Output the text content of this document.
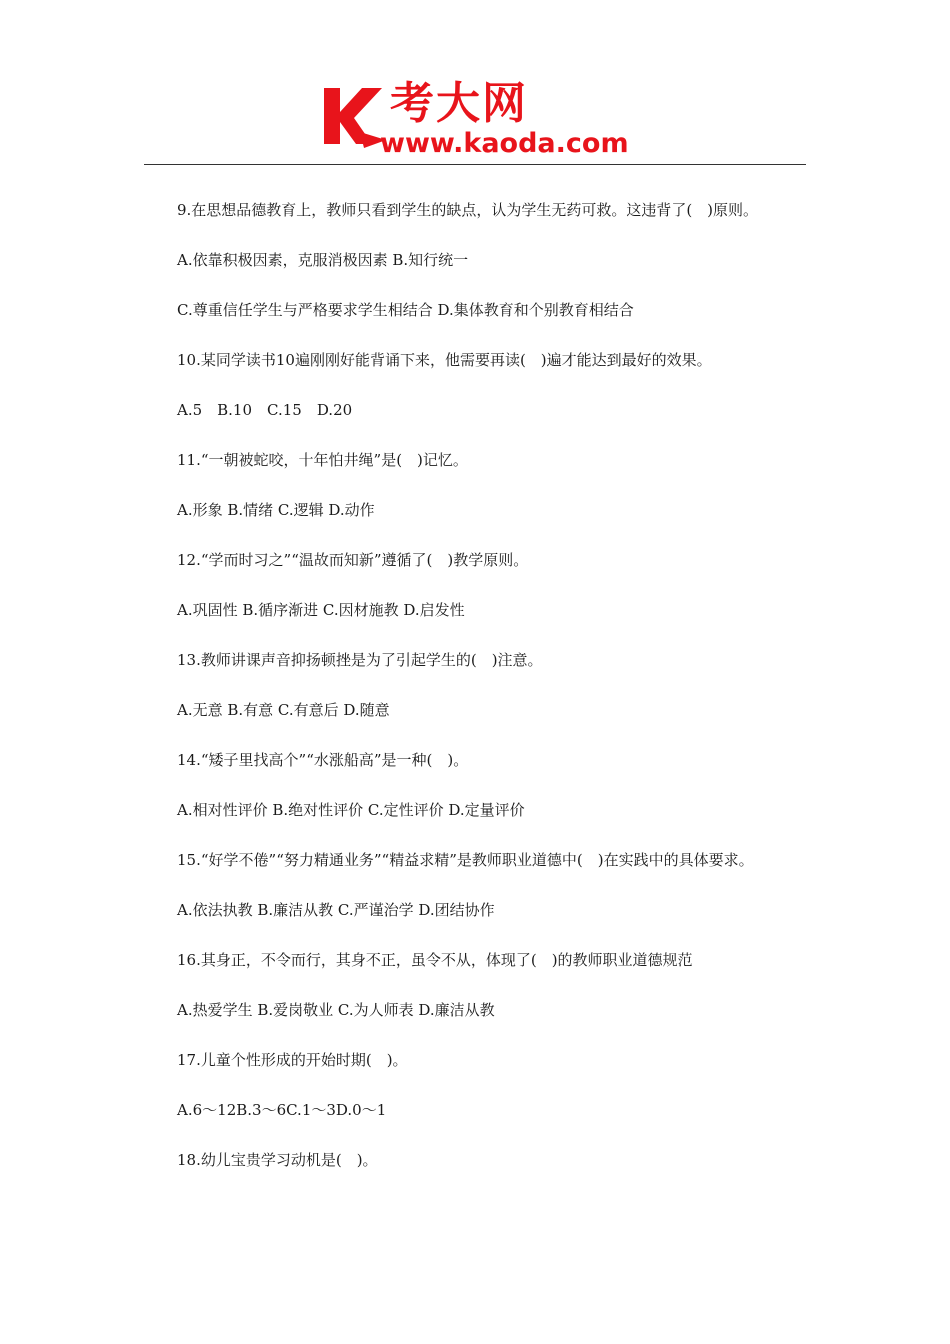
考大网
www.kaoda.com

9.在思想品德教育上，教师只看到学生的缺点，认为学生无药可救。这违背了(　)原则。

A.依靠积极因素，克服消极因素 B.知行统一

C.尊重信任学生与严格要求学生相结合 D.集体教育和个别教育相结合

10.某同学读书10遍刚刚好能背诵下来，他需要再读(　)遍才能达到最好的效果。

A.5　B.10　C.15　D.20

11.“一朝被蛇咬，十年怕井绳”是(　)记忆。

A.形象 B.情绪 C.逻辑 D.动作

12.“学而时习之”“温故而知新”遵循了(　)教学原则。

A.巩固性 B.循序渐进 C.因材施教 D.启发性

13.教师讲课声音抑扬顿挫是为了引起学生的(　)注意。

A.无意 B.有意 C.有意后 D.随意

14.“矮子里找高个”“水涨船高”是一种(　)。

A.相对性评价 B.绝对性评价 C.定性评价 D.定量评价

15.“好学不倦”“努力精通业务”“精益求精”是教师职业道德中(　)在实践中的具体要求。

A.依法执教 B.廉洁从教 C.严谨治学 D.团结协作

16.其身正，不令而行，其身不正，虽令不从，体现了(　)的教师职业道德规范

A.热爱学生 B.爱岗敬业 C.为人师表 D.廉洁从教

17.儿童个性形成的开始时期(　)。

A.6～12B.3～6C.1～3D.0～1

18.幼儿宝贵学习动机是(　)。
